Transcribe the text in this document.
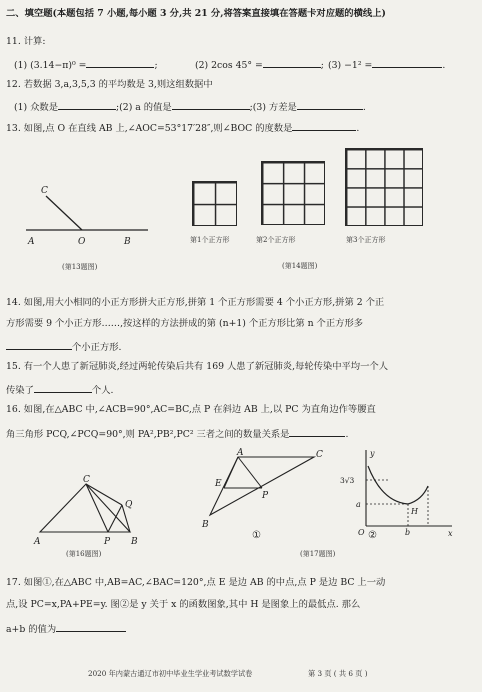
二、填空题(本题包括 7 小题,每小题 3 分,共 21 分,将答案直接填在答题卡对应题的横线上)
11. 计算:
(1) (3.14−π)⁰ =	;	(2) 2cos 45° =	; (3) −1² =	.
12. 若数据 3,a,3,5,3 的平均数是 3,则这组数据中
(1) 众数是	;(2) a 的值是	;(3) 方差是	.
13. 如图,点 O 在直线 AB 上,∠AOC=53°17′28″,则∠BOC 的度数是	.
C
A	O	B
(第13题图)
第1个正方形	第2个正方形	第3个正方形
(第14题图)
14. 如图,用大小相同的小正方形拼大正方形,拼第 1 个正方形需要 4 个小正方形,拼第 2 个正
方形需要 9 个小正方形……,按这样的方法拼成的第 (n+1) 个正方形比第 n 个正方形多
个小正方形.
15. 有一个人患了新冠肺炎,经过两轮传染后共有 169 人患了新冠肺炎,每轮传染中平均一个人
传染了	个人.
16. 如图,在△ABC 中,∠ACB=90°,AC=BC,点 P 在斜边 AB 上,以 PC 为直角边作等腰直
角三角形 PCQ,∠PCQ=90°,则 PA²,PB²,PC² 三者之间的数量关系是	.
C
Q
A	P B
(第16题图)
A	C
E
P
B
①
y
x
O
3√3
a
H
b
②
(第17题图)
17. 如图①,在△ABC 中,AB=AC,∠BAC=120°,点 E 是边 AB 的中点,点 P 是边 BC 上一动
点,设 PC=x,PA+PE=y. 图②是 y 关于 x 的函数图象,其中 H 是图象上的最低点. 那么
a+b 的值为
2020 年内蒙古通辽市初中毕业生学业考试数学试卷	第 3 页 ( 共 6 页 )
